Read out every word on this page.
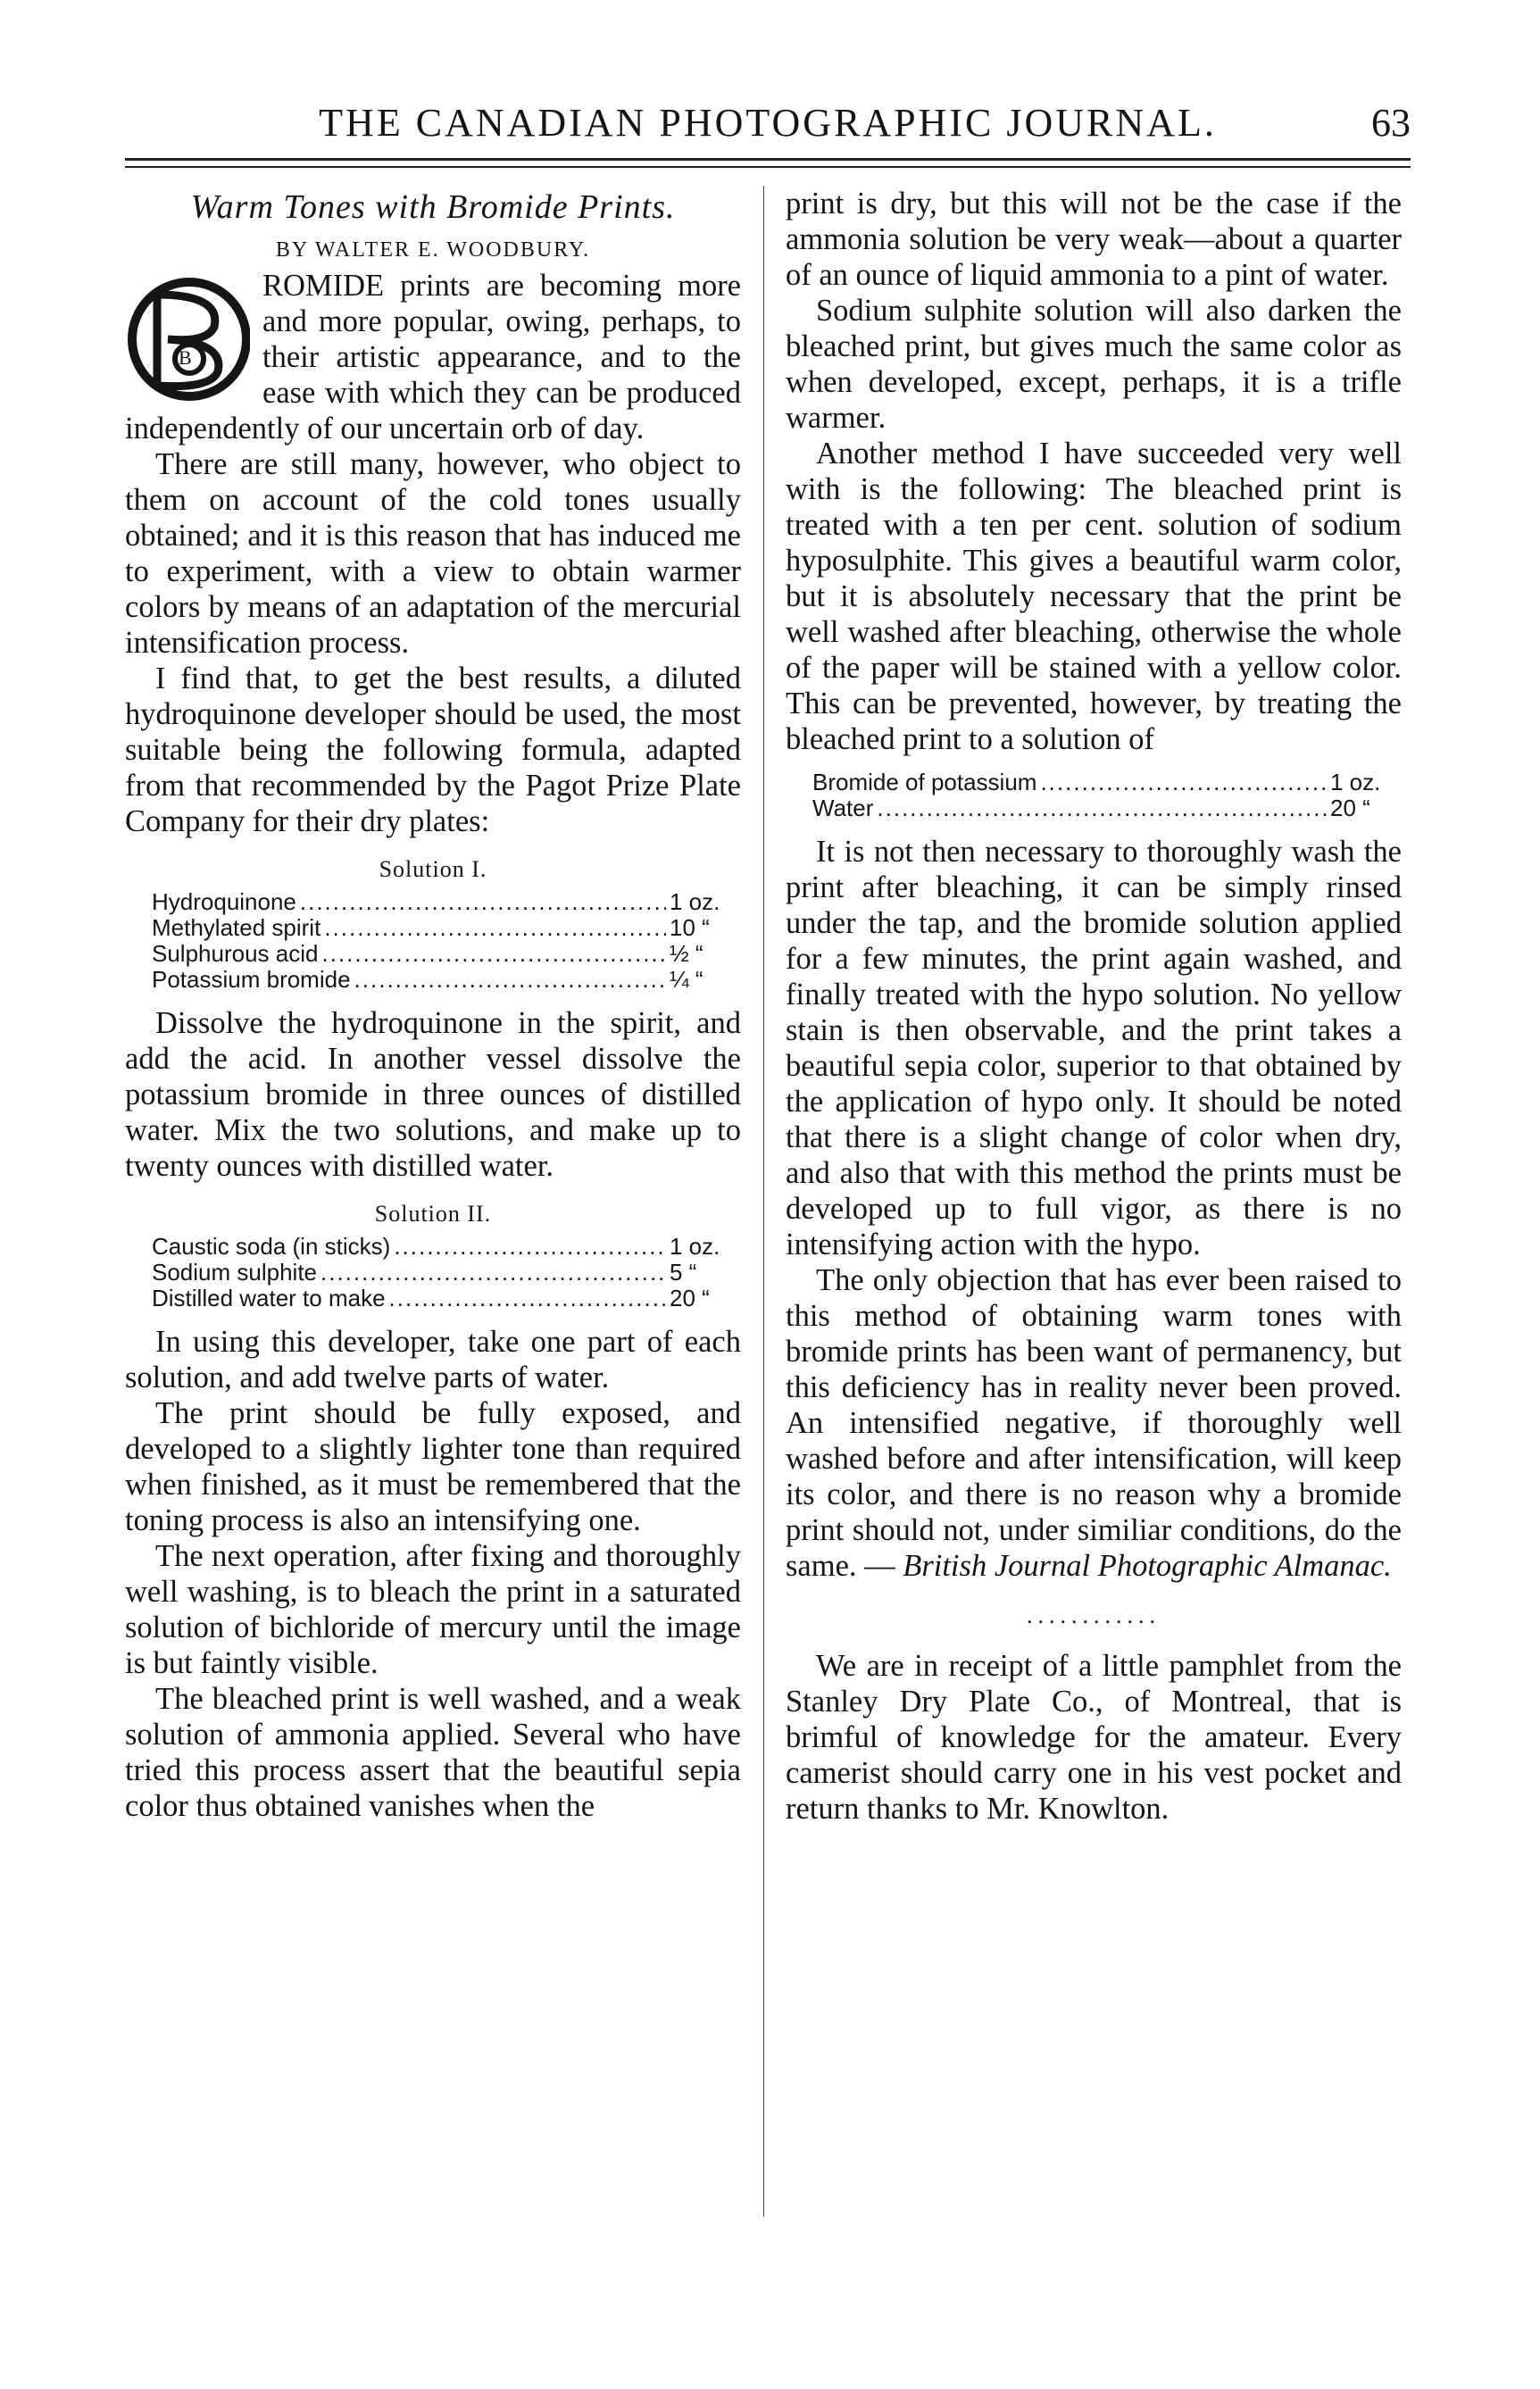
THE CANADIAN PHOTOGRAPHIC JOURNAL.	63
Warm Tones with Bromide Prints.
BY WALTER E. WOODBURY.

B
ROMIDE prints are becoming more and more popular, owing, perhaps, to their artistic appearance, and to the ease with which they can be produced independently of our uncertain orb of day.

There are still many, however, who object to them on account of the cold tones usually obtained; and it is this reason that has induced me to experiment, with a view to obtain warmer colors by means of an adaptation of the mercurial intensification process.

I find that, to get the best results, a diluted hydroquinone developer should be used, the most suitable being the following formula, adapted from that recommended by the Pagot Prize Plate Company for their dry plates:

Solution I.
Hydroquinone .....	1 oz.
Methylated spirit .....	10 “
Sulphurous acid .....	½ “
Potassium bromide .....	¼ “

Dissolve the hydroquinone in the spirit, and add the acid. In another vessel dissolve the potassium bromide in three ounces of distilled water. Mix the two solutions, and make up to twenty ounces with distilled water.

Solution II.
Caustic soda (in sticks) .....	1 oz.
Sodium sulphite .....	5 “
Distilled water to make .....	20 “

In using this developer, take one part of each solution, and add twelve parts of water.

The print should be fully exposed, and developed to a slightly lighter tone than required when finished, as it must be remembered that the toning process is also an intensifying one.

The next operation, after fixing and thoroughly well washing, is to bleach the print in a saturated solution of bichloride of mercury until the image is but faintly visible.

The bleached print is well washed, and a weak solution of ammonia applied. Several who have tried this process assert that the beautiful sepia color thus obtained vanishes when the

print is dry, but this will not be the case if the ammonia solution be very weak—about a quarter of an ounce of liquid ammonia to a pint of water.

Sodium sulphite solution will also darken the bleached print, but gives much the same color as when developed, except, perhaps, it is a trifle warmer.

Another method I have succeeded very well with is the following: The bleached print is treated with a ten per cent. solution of sodium hyposulphite. This gives a beautiful warm color, but it is absolutely necessary that the print be well washed after bleaching, otherwise the whole of the paper will be stained with a yellow color. This can be prevented, however, by treating the bleached print to a solution of

Bromide of potassium .....	1 oz.
Water .....	20 “

It is not then necessary to thoroughly wash the print after bleaching, it can be simply rinsed under the tap, and the bromide solution applied for a few minutes, the print again washed, and finally treated with the hypo solution. No yellow stain is then observable, and the print takes a beautiful sepia color, superior to that obtained by the application of hypo only. It should be noted that there is a slight change of color when dry, and also that with this method the prints must be developed up to full vigor, as there is no intensifying action with the hypo.

The only objection that has ever been raised to this method of obtaining warm tones with bromide prints has been want of permanency, but this deficiency has in reality never been proved. An intensified negative, if thoroughly well washed before and after intensification, will keep its color, and there is no reason why a bromide print should not, under similiar conditions, do the same. — British Journal Photographic Almanac.

............

We are in receipt of a little pamphlet from the Stanley Dry Plate Co., of Montreal, that is brimful of knowledge for the amateur. Every camerist should carry one in his vest pocket and return thanks to Mr. Knowlton.
